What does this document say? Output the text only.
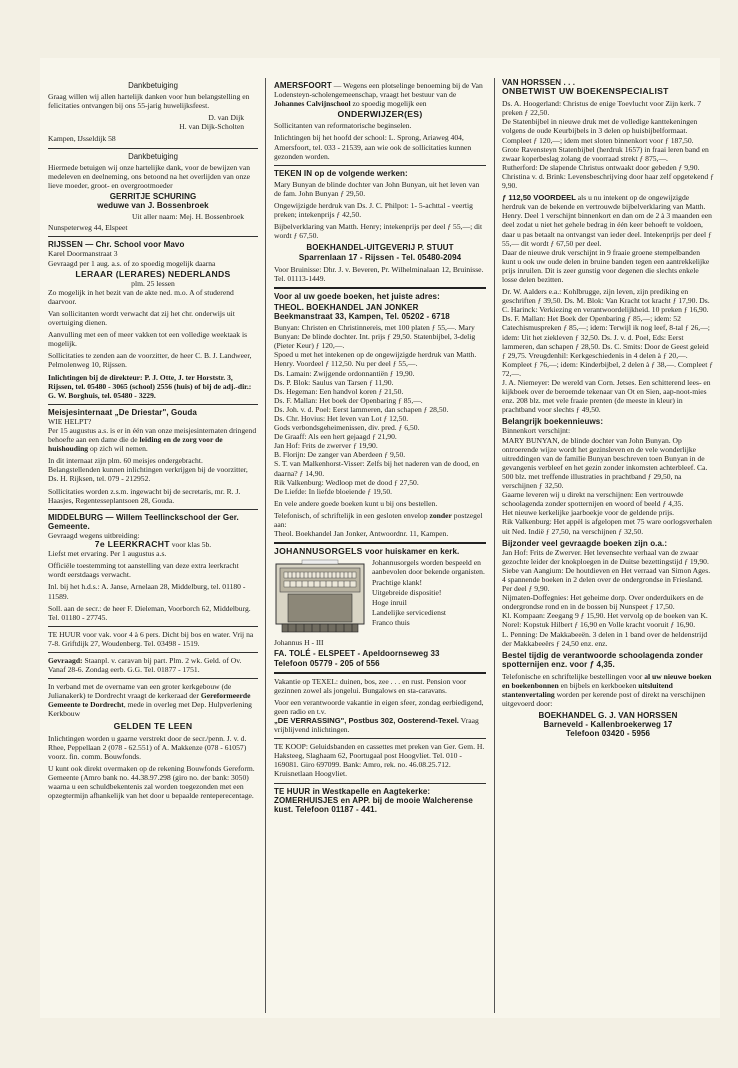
Dankbetuiging

Graag willen wij allen hartelijk danken voor hun belangstelling en felicitaties ontvangen bij ons 55-jarig huwelijksfeest.

D. van Dijk

H. van Dijk-Scholten

Kampen, IJsseldijk 58

Dankbetuiging

Hiermede betuigen wij onze hartelijke dank, voor de bewijzen van medeleven en deelneming, ons betoond na het overlijden van onze lieve moeder, groot- en overgrootmoeder

GERRITJE SCHURING

weduwe van J. Bossenbroek

Uit aller naam: Mej. H. Bossenbroek

Nunspeterweg 44, Elspeet

RIJSSEN — Chr. School voor Mavo

Karel Doormanstraat 3

Gevraagd per 1 aug. a.s. of zo spoedig mogelijk daarna

LERAAR (LERARES) NEDERLANDS

plm. 25 lessen

Zo mogelijk in het bezit van de akte ned. m.o. A of studerend daarvoor.

Van sollicitanten wordt verwacht dat zij het chr. onderwijs uit overtuiging dienen.

Aanvulling met een of meer vakken tot een volledige weektaak is mogelijk.

Sollicitaties te zenden aan de voorzitter, de heer C. B. J. Landweer, Pelmolenweg 10, Rijssen.

Inlichtingen bij de direkteur: P. J. Otte, J. ter Horststr. 3, Rijssen, tel. 05480 - 3065 (school) 2556 (huis) of bij de adj.-dir.: G. W. Borghuis, tel. 05480 - 3229.

Meisjesinternaat „De Driestar", Gouda

WIE HELPT?

Per 15 augustus a.s. is er in één van onze meisjesinternaten dringend behoefte aan een dame die de leiding en de zorg voor de huishouding op zich wil nemen.

In dit internaat zijn plm. 60 meisjes ondergebracht.

Belangstellenden kunnen inlichtingen verkrijgen bij de voorzitter, Ds. H. Rijksen, tel. 079 - 212952.

Sollicitaties worden z.s.m. ingewacht bij de secretaris, mr. R. J. Haasjes, Regentesseplantsoen 28, Gouda.

MIDDELBURG — Willem Teellinckschool der Ger. Gemeente.

Gevraagd wegens uitbreiding:

7e LEERKRACHT voor klas 5b.

Liefst met ervaring. Per 1 augustus a.s.

Officiële toestemming tot aanstelling van deze extra leerkracht wordt eerstdaags verwacht.

Inl. bij het h.d.s.: A. Janse, Arnelaan 28, Middelburg, tel. 01180 - 11589.

Soll. aan de secr.: de heer F. Dieleman, Voorborch 62, Middelburg. Tel. 01180 - 27745.

TE HUUR voor vak. voor 4 à 6 pers. Dicht bij bos en water. Vrij na 7-8. Griftdijk 27, Woudenberg. Tel. 03498 - 1519.

Gevraagd: Staanpl. v. caravan bij part. Plm. 2 wk. Geld. of Ov. Vanaf 28-6. Zondag eerb. G.G. Tel. 01877 - 1751.

In verband met de overname van een groter kerkgebouw (de Julianakerk) te Dordrecht vraagt de kerkeraad der Gereformeerde Gemeente te Dordrecht, mede in overleg met Dep. Hulpverlening Kerkbouw

GELDEN TE LEEN

Inlichtingen worden u gaarne verstrekt door de secr./penn. J. v. d. Rhee, Peppellaan 2 (078 - 62.551) of A. Makkenze (078 - 61057) voorz. fin. comm. Bouwfonds.

U kunt ook direkt overmaken op de rekening Bouwfonds Gereform. Gemeente (Amro bank no. 44.38.97.298 (giro no. der bank: 3050) waarna u een schuldbekentenis zal worden toegezonden met een opzegtermijn afhankelijk van het door u bepaalde renteperecentage.

AMERSFOORT — Wegens een plotselinge benoeming bij de Van Lodensteyn-scholengemeenschap, vraagt het bestuur van de Johannes Calvijnschool zo spoedig mogelijk een

ONDERWIJZER(ES)

Sollicitanten van reformatorische beginselen.

Inlichtingen bij het hoofd der school: L. Sprong, Ariaweg 404, Amersfoort, tel. 033 - 21539, aan wie ook de sollicitaties kunnen gezonden worden.

TEKEN IN op de volgende werken:

Mary Bunyan de blinde dochter van John Bunyan, uit het leven van de fam. John Bunyan ƒ 29,50.

Ongewijzigde herdruk van Ds. J. C. Philpot: 1- 5-achttal - veertig preken; intekenprijs ƒ 42,50.

Bijbelverklaring van Matth. Henry; intekenprijs per deel ƒ 55,—; dit wordt ƒ 67,50.

BOEKHANDEL-UITGEVERIJ P. STUUT

Sparrenlaan 17 - Rijssen - Tel. 05480-2094

Voor Bruinisse: Dhr. J. v. Beveren, Pr. Wilhelminalaan 12, Bruinisse. Tel. 01113-1449.

Voor al uw goede boeken, het juiste adres:

THEOL. BOEKHANDEL JAN JONKER

Beekmanstraat 33, Kampen, Tel. 05202 - 6718

Bunyan: Christen en Christinnereis, met 100 platen ƒ 55,—. Mary Bunyan: De blinde dochter. Int. prijs ƒ 29,50. Statenbijbel, 3-delig (Pieter Keur) ƒ 120,—.

Spoed u met het intekenen op de ongewijzigde herdruk van Matth. Henry. Voordeel ƒ 112,50. Nu per deel ƒ 55,—.

Ds. Lamain: Zwijgende ordonnantiën ƒ 19,90.

Ds. P. Blok: Saulus van Tarsen ƒ 11,90.

Ds. Hegeman: Een handvol koren ƒ 21,50.

Ds. F. Mallan: Het boek der Openbaring ƒ 85,—.

Ds. Joh. v. d. Poel: Eerst lammeren, dan schapen ƒ 28,50.

Ds. Chr. Hovius: Het leven van Lot ƒ 12,50.

Gods verbondsgeheimenissen, div. pred. ƒ 6,50.

De Graaff: Als een hert gejaagd ƒ 21,90.

Jan Hof: Frits de zwerver ƒ 19,90.

B. Florijn: De zanger van Aberdeen ƒ 9,50.

S. T. van Malkenhorst-Visser: Zelfs bij het naderen van de dood, en daarna? ƒ 14,90.

Rik Valkenburg: Wedloop met de dood ƒ 27,50.

De Liefde: In liefde bloeiende ƒ 19,50.

En vele andere goede boeken kunt u bij ons bestellen.

Telefonisch, of schriftelijk in een gesloten envelop zonder postzegel aan:

Theol. Boekhandel Jan Jonker, Antwoordnr. 11, Kampen.

JOHANNUSORGELS voor huiskamer en kerk.

Johannusorgels worden bespeeld en aanbevolen door bekende organisten.

Prachtige klank!

Uitgebreide dispositie!

Hoge inruil

Landelijke servicedienst

Franco thuis

Johannus H - III

FA. TOLÉ - ELSPEET - Apeldoornseweg 33

Telefoon 05779 - 205 of 556

Vakantie op TEXEL: duinen, bos, zee . . . en rust. Pension voor gezinnen zowel als jongelui. Bungalows en sta-caravans.

Voor een verantwoorde vakantie in eigen sfeer, zondag eerbiedigend, geen radio en t.v.

„DE VERRASSING", Postbus 302, Oosterend-Texel. Vraag vrijblijvend inlichtingen.

TE KOOP: Geluidsbanden en cassettes met preken van Ger. Gem. H. Haksteeg, Slaghaam 62, Poortugaal post Hoogvliet. Tel. 010 - 169081. Giro 697099. Bank: Amro, rek. no. 46.08.25.712. Kruisnetlaan Hoogvliet.

TE HUUR in Westkapelle en Aagtekerke: ZOMERHUISJES en APP. bij de mooie Walcherense kust. Telefoon 01187 - 441.

VAN HORSSEN . . .

ONBETWIST UW BOEKENSPECIALIST

Ds. A. Hoogerland: Christus de enige Toevlucht voor Zijn kerk. 7 preken ƒ 22,50.

De Statenbijbel in nieuwe druk met de volledige kanttekeningen volgens de oude Keurbijbels in 3 delen op huisbijbelformaat. Compleet ƒ 120,—; idem met sloten binnenkort voor ƒ 187,50.

Grote Ravensteyn Statenbijbel (herdruk 1657) in fraai leren band en zwaar koperbeslag zolang de voorraad strekt ƒ 875,—.

Rutherford: De slapende Christus ontwaakt door gebeden ƒ 9,90.

Christina v. d. Brink: Levensbeschrijving door haar zelf opgetekend ƒ 9,90.

ƒ 112,50 VOORDEEL als u nu intekent op de ongewijzigde herdruk van de bekende en vertrouwde bijbelverklaring van Matth. Henry. Deel 1 verschijnt binnenkort en dan om de 2 à 3 maanden een deel zodat u niet het gehele bedrag in één keer behoeft te voldoen, daar u pas betaalt na ontvangst van ieder deel. Intekenprijs per deel ƒ 55,— dit wordt ƒ 67,50 per deel.

Daar de nieuwe druk verschijnt in 9 fraaie groene stempelbanden kunt u ook uw oude delen in bruine banden tegen een aantrekkelijke prijs inruilen. Dit is zeer gunstig voor degenen die slechts enkele losse delen bezitten.

Dr. W. Aalders e.a.: Kohlbrugge, zijn leven, zijn prediking en geschriften ƒ 39,50. Ds. M. Blok: Van Kracht tot kracht ƒ 17,90. Ds. C. Harinck: Verkiezing en verantwoordelijkheid. 10 preken ƒ 16,90. Ds. F. Mallan: Het Boek der Openbaring ƒ 85,—; idem: 52 Catechismuspreken ƒ 85,—; idem: Terwijl ik nog leef, 8-tal ƒ 26,—; idem: Uit het ziekleven ƒ 32,50. Ds. J. v. d. Poel, Eds: Eerst lammeren, dan schapen ƒ 28,50. Ds. C. Smits: Door de Geest geleid ƒ 29,75. Vreugdenhil: Kerkgeschiedenis in 4 delen à ƒ 20,—. Kompleet ƒ 76,—; idem: Kinderbijbel, 2 delen à ƒ 38,—. Compleet ƒ 72,—.

J. A. Niemeyer: De wereld van Corn. Jetses. Een schitterend lees- en kijkboek over de beroemde tekenaar van Ot en Sien, aap-noot-mies enz. 208 blz. met vele fraaie prenten (de meeste in kleur) in prachtband voor slechts ƒ 49,50.

Belangrijk boekennieuws:

Binnenkort verschijnt:

MARY BUNYAN, de blinde dochter van John Bunyan. Op ontroerende wijze wordt het gezinsleven en de vele wonderlijke uitreddingen van de familie Bunyan beschreven toen Bunyan in de gevangenis verbleef en het gezin zonder inkomsten achterbleef. Ca. 500 blz. met treffende illustraties in prachtband ƒ 29,50, na verschijnen ƒ 32,50.

Gaarne leveren wij u direkt na verschijnen: Een vertrouwde schoolagenda zonder spotternijen en woord of beeld ƒ 4,35.

Het nieuwe kerkelijke jaarboekje voor de geldende prijs.

Rik Valkenburg: Het appèl is afgelopen met 75 ware oorlogsverhalen uit Ned. Indië ƒ 27,50, na verschijnen ƒ 32,50.

Bijzonder veel gevraagde boeken zijn o.a.:

Jan Hof: Frits de Zwerver. Het levensechte verhaal van de zwaar gezochte leider der knokploegen in de Duitse bezettingstijd ƒ 19,90.

Siebe van Aangium: De houtdieven en Het verraad van Simon Ages. 4 spannende boeken in 2 delen over de ondergrondse in Friesland. Per deel ƒ 9,90.

Nijmaten-Doffegnies: Het geheime dorp. Over onderduikers en de ondergrondse rond en in de bossen bij Nunspeet ƒ 17,50.

Kl. Kompaan: Zeegang 9 ƒ 15,90. Het vervolg op de boeken van K. Norel: Kopstuk Hilbert ƒ 16,90 en Volle kracht vooruit ƒ 16,90.

L. Penning: De Makkabeeën. 3 delen in 1 band over de heldenstrijd der Makkabeeërs ƒ 24,50 enz. enz.

Bestel tijdig de verantwoorde schoolagenda zonder spotternijen enz. voor ƒ 4,35.

Telefonische en schriftelijke bestellingen voor al uw nieuwe boeken en boekenbonnen en bijbels en kerkboeken uitsluitend stantenvertaling worden per kerende post of direkt na verschijnen uitgevoerd door:

BOEKHANDEL G. J. VAN HORSSEN

Barneveld - Kallenbroekerweg 17

Telefoon 03420 - 5956
